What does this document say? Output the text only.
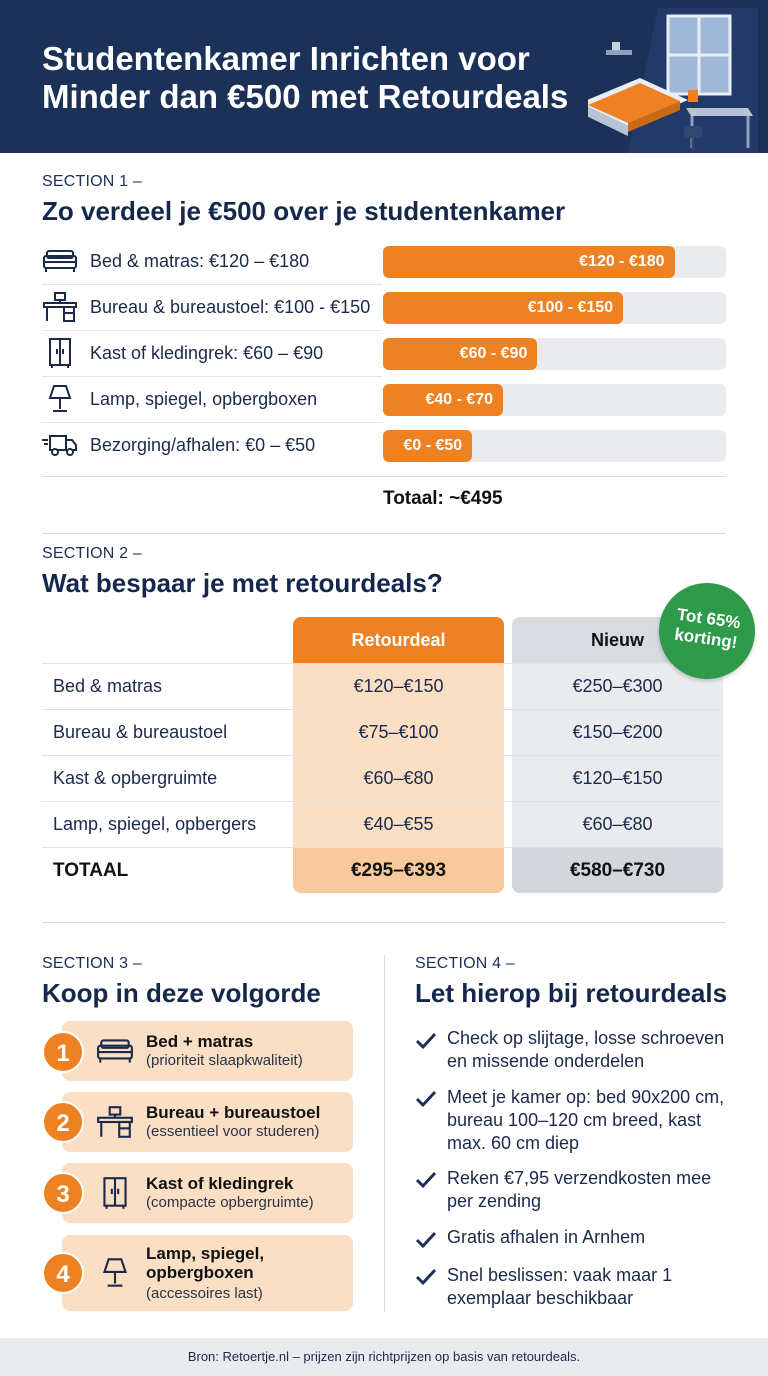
Studentenkamer Inrichten voor Minder dan €500 met Retourdeals
SECTION 1 –
Zo verdeel je €500 over je studentenkamer
Bed & matras: €120 – €180	€120 - €180
Bureau & bureaustoel: €100 - €150	€100 - €150
Kast of kledingrek: €60 – €90	€60 - €90
Lamp, spiegel, opbergboxen	€40 - €70
Bezorging/afhalen: €0 – €50	€0 - €50
Totaal: ~€495
SECTION 2 –
Wat bespaar je met retourdeals?
Retourdeal	Nieuw
Bed & matras	€120–€150	€250–€300
Bureau & bureaustoel	€75–€100	€150–€200
Kast & opbergruimte	€60–€80	€120–€150
Lamp, spiegel, opbergers	€40–€55	€60–€80
TOTAAL	€295–€393	€580–€730
Tot 65%
korting!
SECTION 3 –
Koop in deze volgorde
Bed + matras
(prioriteit slaapkwaliteit)
1
Bureau + bureaustoel
(essentieel voor studeren)
2
Kast of kledingrek
(compacte opbergruimte)
3
Lamp, spiegel, opbergboxen
(accessoires last)
4
SECTION 4 –
Let hierop bij retourdeals
Check op slijtage, losse schroeven en missende onderdelen
Meet je kamer op: bed 90x200 cm, bureau 100–120 cm breed, kast max. 60 cm diep
Reken €7,95 verzendkosten mee per zending
Gratis afhalen in Arnhem
Snel beslissen: vaak maar 1 exemplaar beschikbaar
Bron: Retoertje.nl – prijzen zijn richtprijzen op basis van retourdeals.
